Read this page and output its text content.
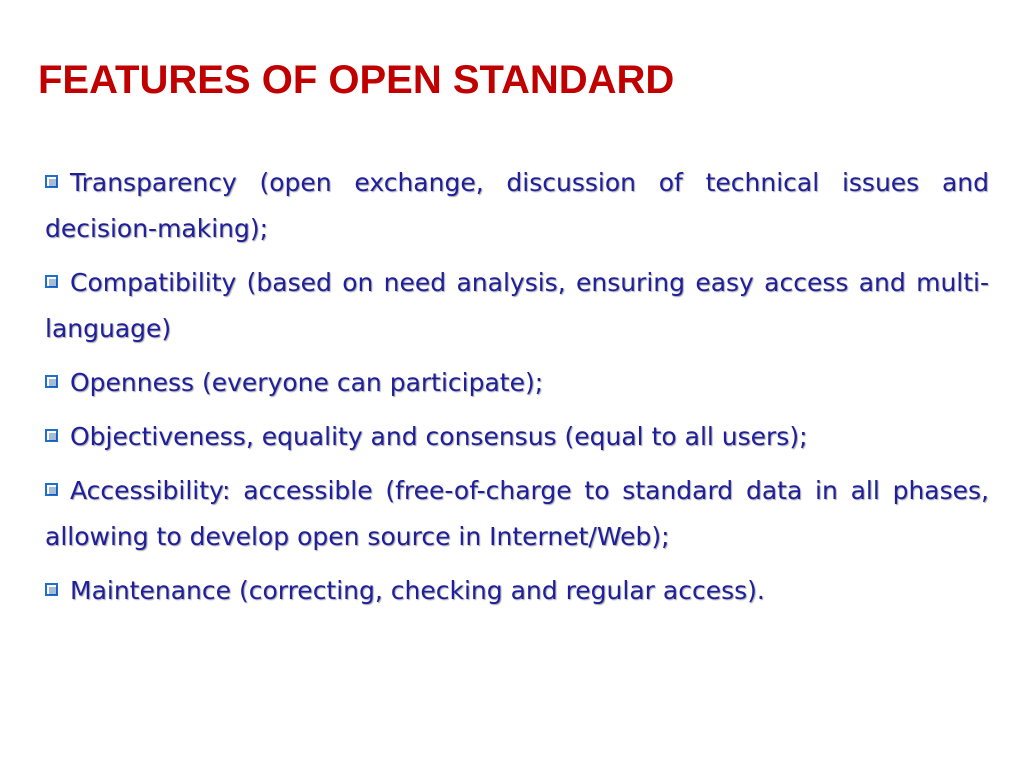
FEATURES OF OPEN STANDARD
Transparency (open exchange, discussion of technical issues and decision-making);
Compatibility (based on need analysis, ensuring easy access and multi-language)
Openness (everyone can participate);
Objectiveness, equality and consensus (equal to all users);
Accessibility: accessible (free-of-charge to standard data in all phases, allowing to develop open source in Internet/Web);
Maintenance (correcting, checking and regular access).
